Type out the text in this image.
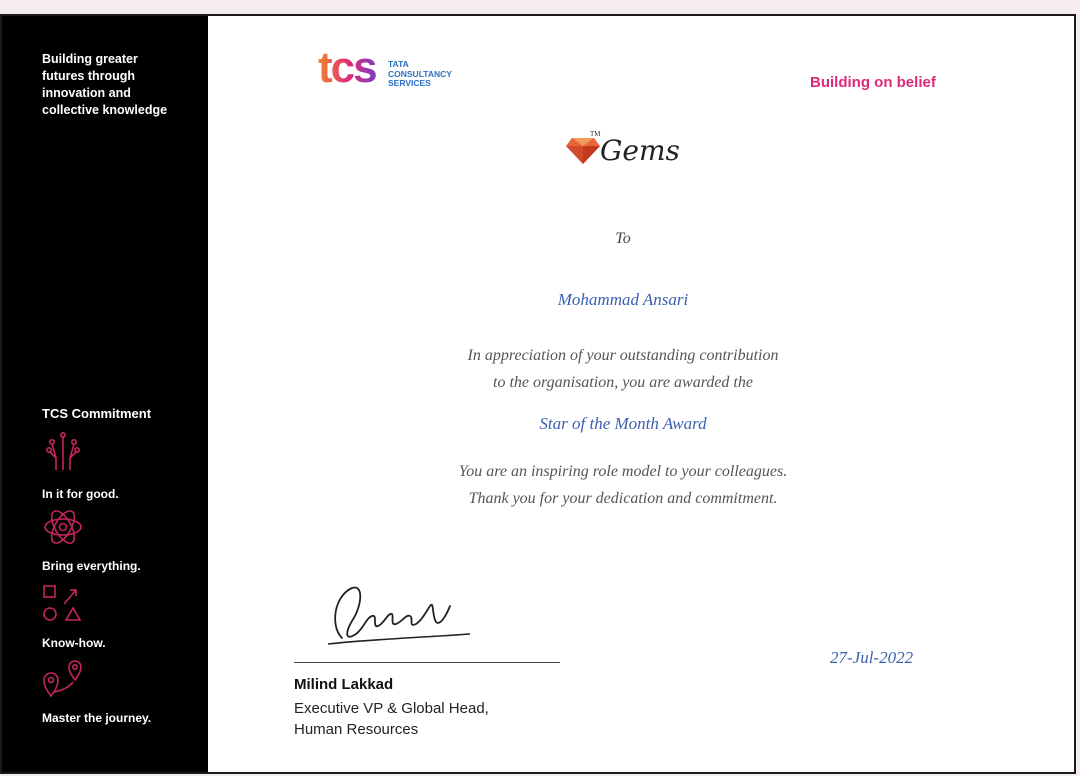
Building greater
futures through
innovation and
collective knowledge
TCS Commitment
In it for good.
Bring everything.
Know-how.
Master the journey.
tcs TATA
CONSULTANCY
SERVICES	Building on belief
TM Gems
To
Mohammad Ansari
In appreciation of your outstanding contribution
to the organisation, you are awarded the
Star of the Month Award
You are an inspiring role model to your colleagues.
Thank you for your dedication and commitment.
Milind Lakkad
Executive VP & Global Head,
Human Resources
27-Jul-2022
